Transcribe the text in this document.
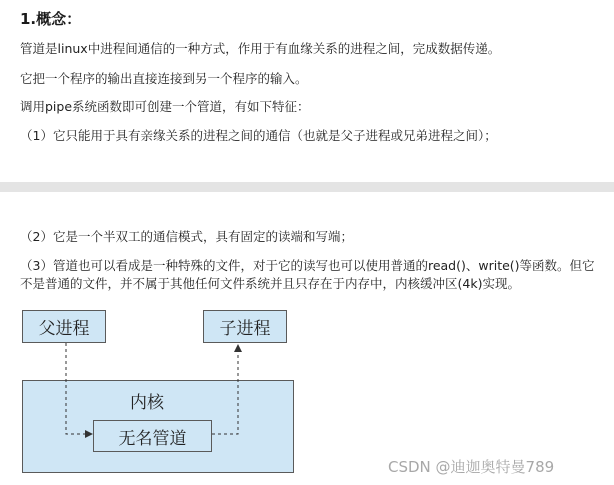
1.概念：
管道是linux中进程间通信的一种方式，作用于有血缘关系的进程之间，完成数据传递。
它把一个程序的输出直接连接到另一个程序的输入。
调用pipe系统函数即可创建一个管道，有如下特征：
（1）它只能用于具有亲缘关系的进程之间的通信（也就是父子进程或兄弟进程之间）；
（2）它是一个半双工的通信模式，具有固定的读端和写端；
（3）管道也可以看成是一种特殊的文件，对于它的读写也可以使用普通的read()、write()等函数。但它
不是普通的文件，并不属于其他任何文件系统并且只存在于内存中，内核缓冲区(4k)实现。
父进程	子进程
内核
无名管道
CSDN @迪迦奥特曼789
